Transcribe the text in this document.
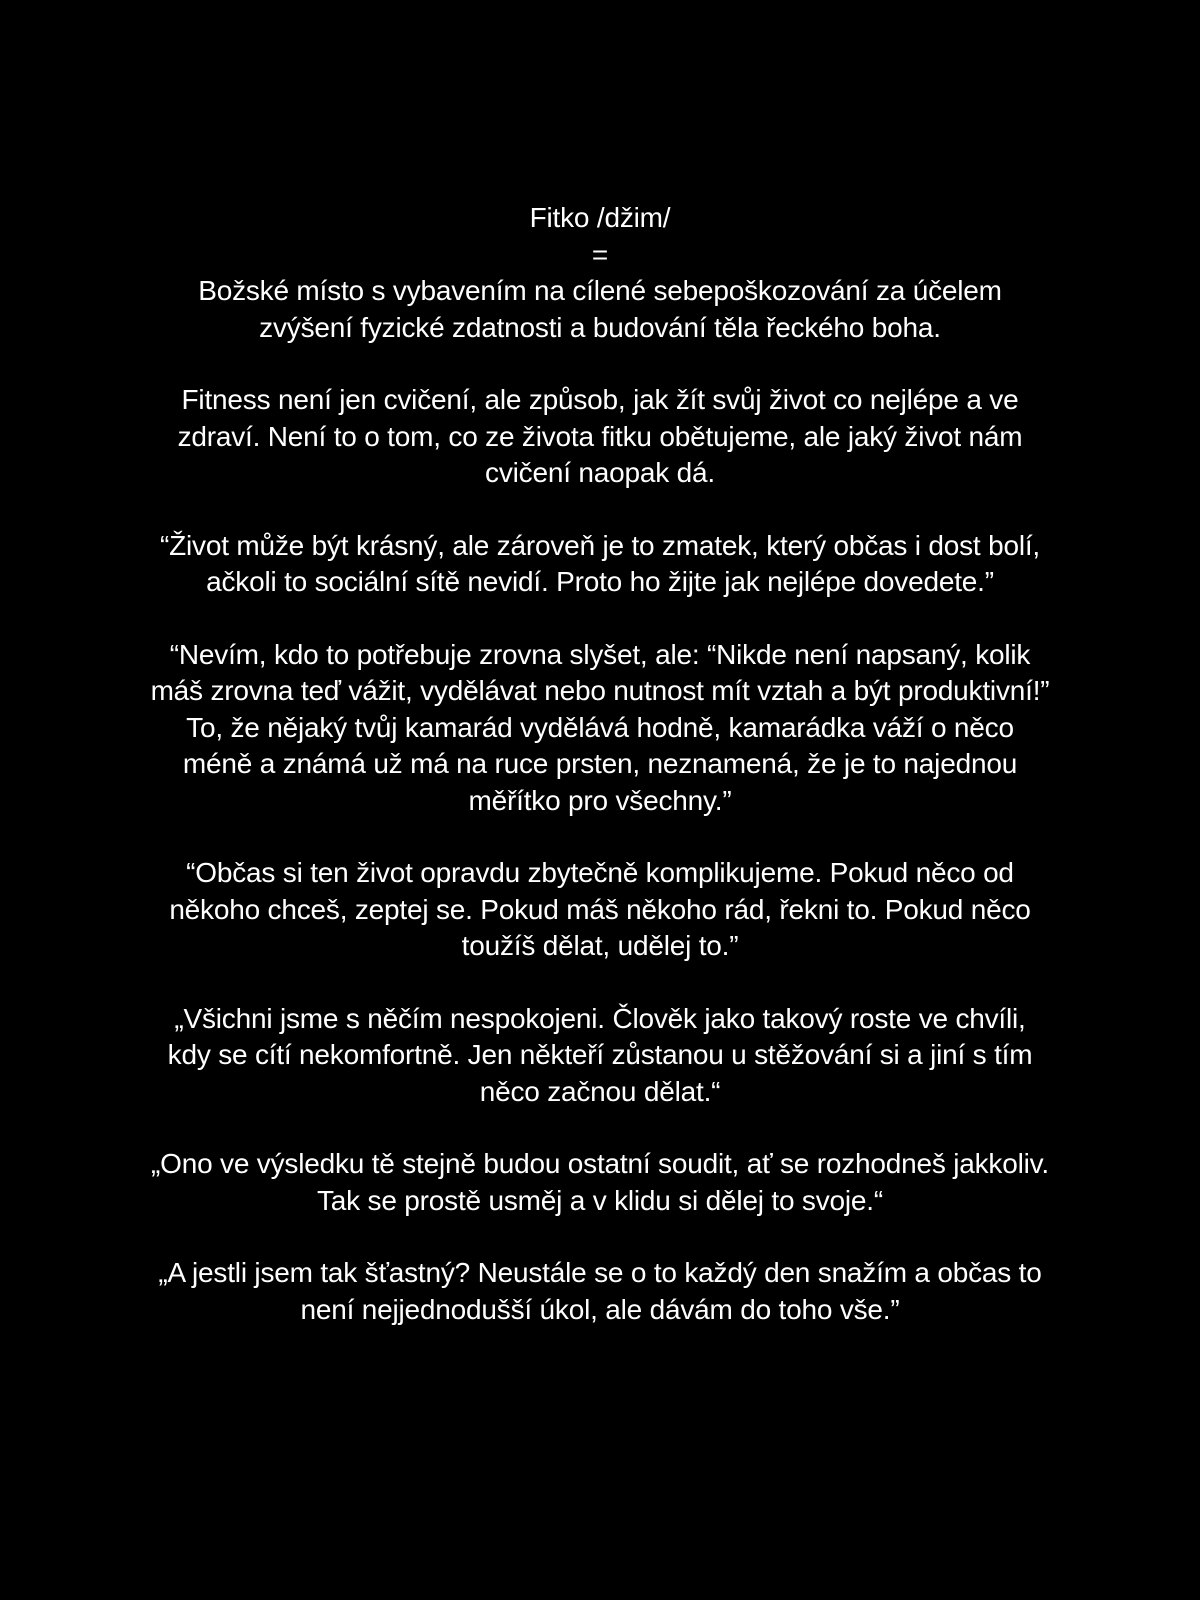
Fitko /džim/
=
Božské místo s vybavením na cílené sebepoškozování za účelem zvýšení fyzické zdatnosti a budování těla řeckého boha.

Fitness není jen cvičení, ale způsob, jak žít svůj život co nejlépe a ve zdraví. Není to o tom, co ze života fitku obětujeme, ale jaký život nám cvičení naopak dá.

“Život může být krásný, ale zároveň je to zmatek, který občas i dost bolí, ačkoli to sociální sítě nevidí. Proto ho žijte jak nejlépe dovedete.”

“Nevím, kdo to potřebuje zrovna slyšet, ale: “Nikde není napsaný, kolik máš zrovna teď vážit, vydělávat nebo nutnost mít vztah a být produktivní!” To, že nějaký tvůj kamarád vydělává hodně, kamarádka váží o něco méně a známá už má na ruce prsten, neznamená, že je to najednou měřítko pro všechny.”

“Občas si ten život opravdu zbytečně komplikujeme. Pokud něco od někoho chceš, zeptej se. Pokud máš někoho rád, řekni to. Pokud něco toužíš dělat, udělej to.”

„Všichni jsme s něčím nespokojeni. Člověk jako takový roste ve chvíli, kdy se cítí nekomfortně. Jen někteří zůstanou u stěžování si a jiní s tím něco začnou dělat.“

„Ono ve výsledku tě stejně budou ostatní soudit, ať se rozhodneš jakkoliv. Tak se prostě usměj a v klidu si dělej to svoje.“

„A jestli jsem tak šťastný? Neustále se o to každý den snažím a občas to není nejjednodušší úkol, ale dávám do toho vše.”
